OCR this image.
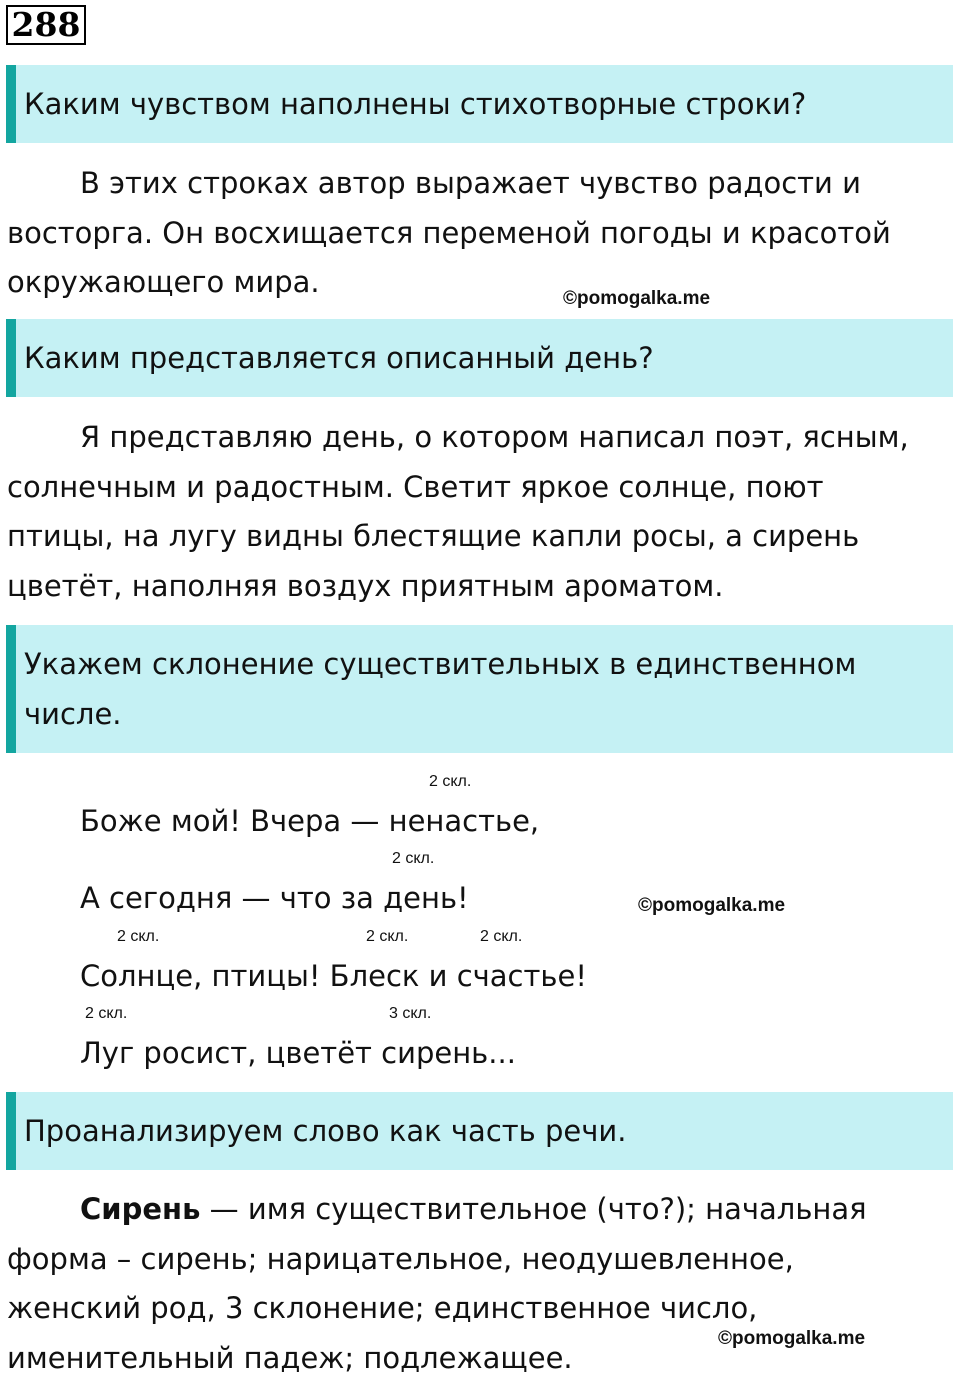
288
Каким чувством наполнены стихотворные строки?

В этих строках автор выражает чувство радости и восторга. Он восхищается переменой погоды и красотой окружающего мира.	©pomogalka.me
Каким представляется описанный день?

Я представляю день, о котором написал поэт, ясным, солнечным и радостным. Светит яркое солнце, поют птицы, на лугу видны блестящие капли росы, а сирень цветёт, наполняя воздух приятным ароматом.

Укажем склонение существительных в единственном числе.
2 скл.
Боже мой! Вчера — ненастье,
2 скл.
А сегодня — что за день!	©pomogalka.me
2 скл.	2 скл.	2 скл.
Солнце, птицы! Блеск и счастье!
2 скл.	3 скл.
Луг росист, цветёт сирень...
Проанализируем слово как часть речи.

Сирень — имя существительное (что?); начальная форма – сирень; нарицательное, неодушевленное, женский род, 3 склонение; единственное число, именительный падеж; подлежащее.

©pomogalka.me
